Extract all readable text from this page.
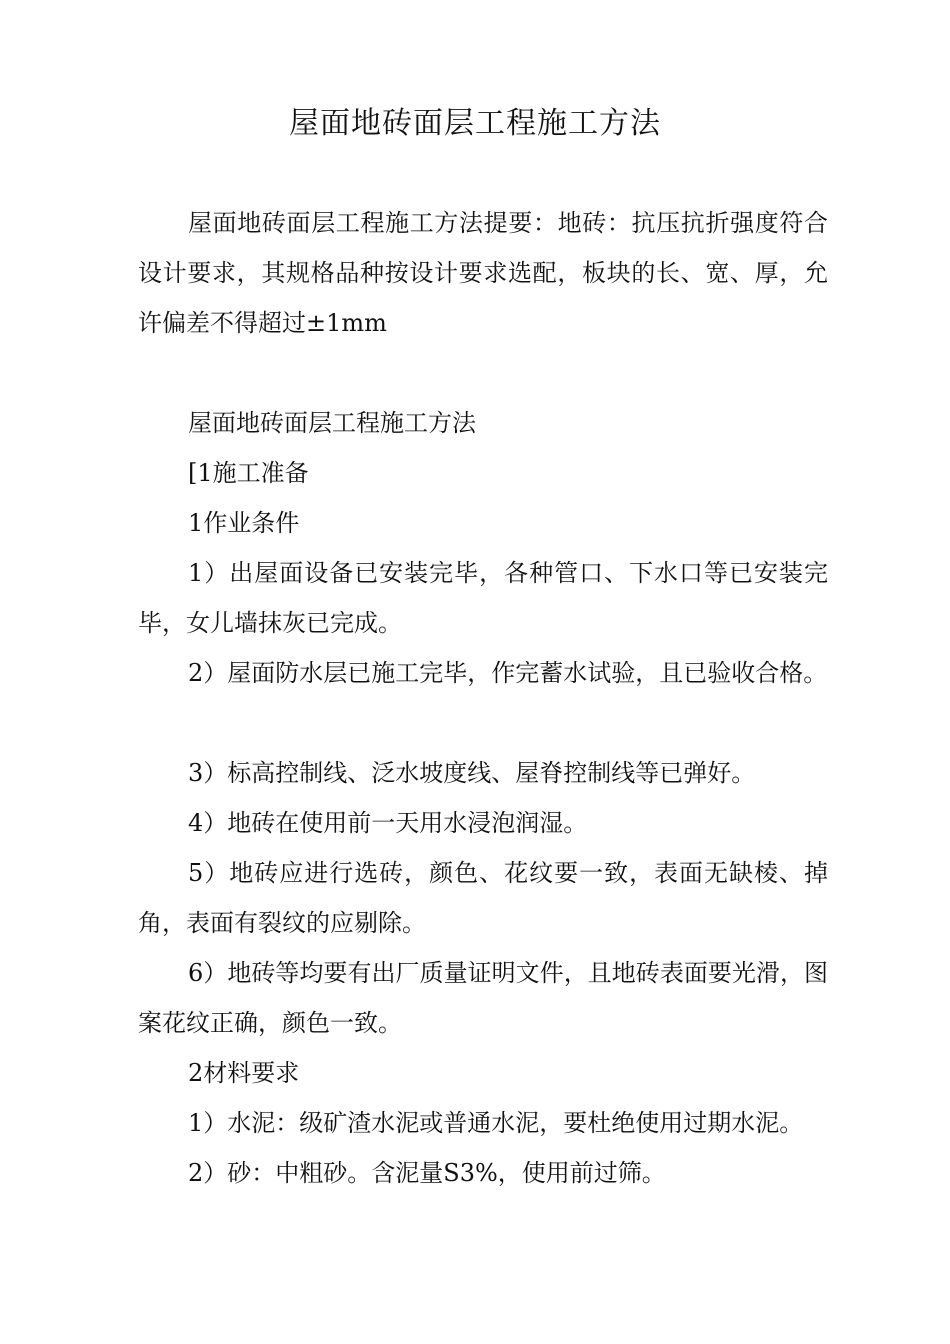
屋面地砖面层工程施工方法

屋面地砖面层工程施工方法提要：地砖：抗压抗折强度符合设计要求，其规格品种按设计要求选配，板块的长、宽、厚，允许偏差不得超过±1mm

屋面地砖面层工程施工方法

[1施工准备

1作业条件

1）出屋面设备已安装完毕，各种管口、下水口等已安装完毕，女儿墙抹灰已完成。

2）屋面防水层已施工完毕，作完蓄水试验，且已验收合格。

3）标高控制线、泛水坡度线、屋脊控制线等已弹好。

4）地砖在使用前一天用水浸泡润湿。

5）地砖应进行选砖，颜色、花纹要一致，表面无缺棱、掉角，表面有裂纹的应剔除。

6）地砖等均要有出厂质量证明文件，且地砖表面要光滑，图案花纹正确，颜色一致。

2材料要求

1）水泥：级矿渣水泥或普通水泥，要杜绝使用过期水泥。

2）砂：中粗砂。含泥量S3%，使用前过筛。
